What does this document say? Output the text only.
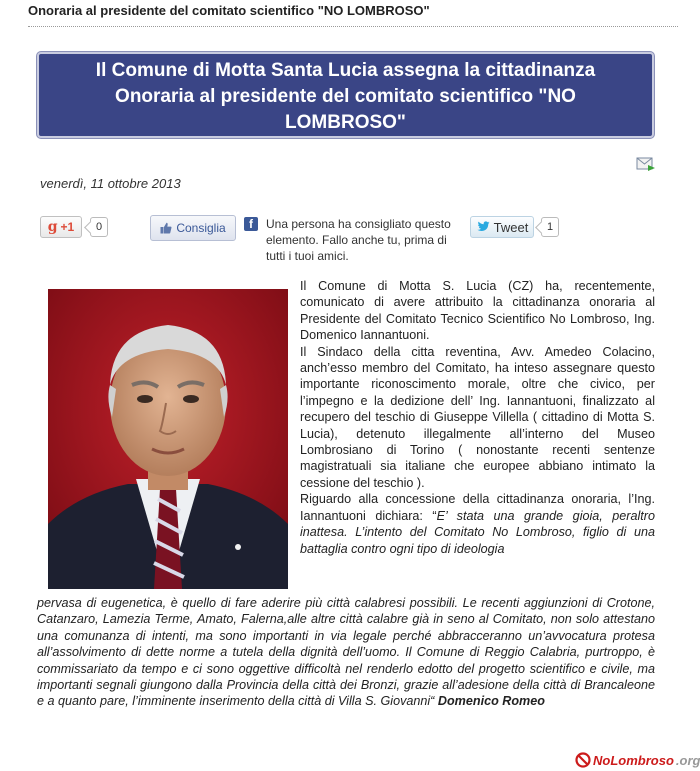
Onoraria al presidente del comitato scientifico "NO LOMBROSO"
Il Comune di Motta Santa Lucia assegna la cittadinanza
Onoraria al presidente del comitato scientifico "NO
LOMBROSO"
venerdì, 11 ottobre 2013
g +1	0	Consiglia	f	Una persona ha consigliato questo elemento. Fallo anche tu, prima di tutti i tuoi amici.
Tweet	1

Il Comune di Motta S. Lucia (CZ) ha, recentemente, comunicato di avere attribuito la cittadinanza onoraria al Presidente del Comitato Tecnico Scientifico No Lombroso, Ing. Domenico Iannantuoni.

Il Sindaco della citta reventina, Avv. Amedeo Colacino, anch’esso membro del Comitato, ha inteso assegnare questo importante riconoscimento morale, oltre che civico, per l’impegno e la dedizione dell’ Ing. Iannantuoni, finalizzato al recupero del teschio di Giuseppe Villella ( cittadino di Motta S. Lucia), detenuto illegalmente all’interno del Museo Lombrosiano di Torino ( nonostante recenti sentenze magistratuali sia italiane che europee abbiano intimato la cessione del teschio ).

Riguardo alla concessione della cittadinanza onoraria, l’Ing. Iannantuoni dichiara: “E’ stata una grande gioia, peraltro inattesa. L’intento del Comitato No Lombroso, figlio di una battaglia contro ogni tipo di ideologia

pervasa di eugenetica, è quello di fare aderire più città calabresi possibili. Le recenti aggiunzioni di Crotone, Catanzaro, Lamezia Terme, Amato, Falerna,alle altre città calabre già in seno al Comitato, non solo attestano una comunanza di intenti, ma sono importanti in via legale perché abbracceranno un’avvocatura protesa all’assolvimento di dette norme a tutela della dignità dell’uomo. Il Comune di Reggio Calabria, purtroppo, è commissariato da tempo e ci sono oggettive difficoltà nel renderlo edotto del progetto scientifico e civile, ma importanti segnali giungono dalla Provincia della città dei Bronzi, grazie all’adesione della città di Brancaleone e a quanto pare, l’imminente inserimento della città di Villa S. Giovanni“ Domenico Romeo

NoLombroso .org
